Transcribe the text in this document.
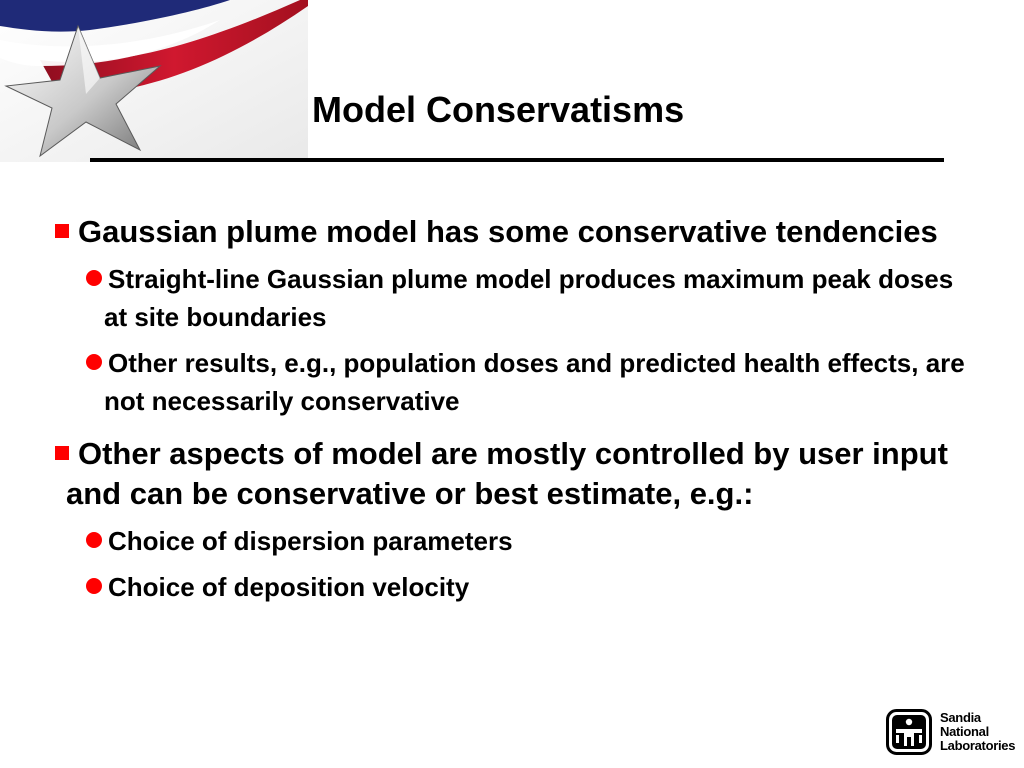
Model Conservatisms

Gaussian plume model has some conservative tendencies

Straight-line Gaussian plume model produces maximum peak doses at site boundaries

Other results, e.g., population doses and predicted health effects, are not necessarily conservative

Other aspects of model are mostly controlled by user input and can be conservative or best estimate, e.g.:

Choice of dispersion parameters

Choice of deposition velocity

Sandia
National
Laboratories
